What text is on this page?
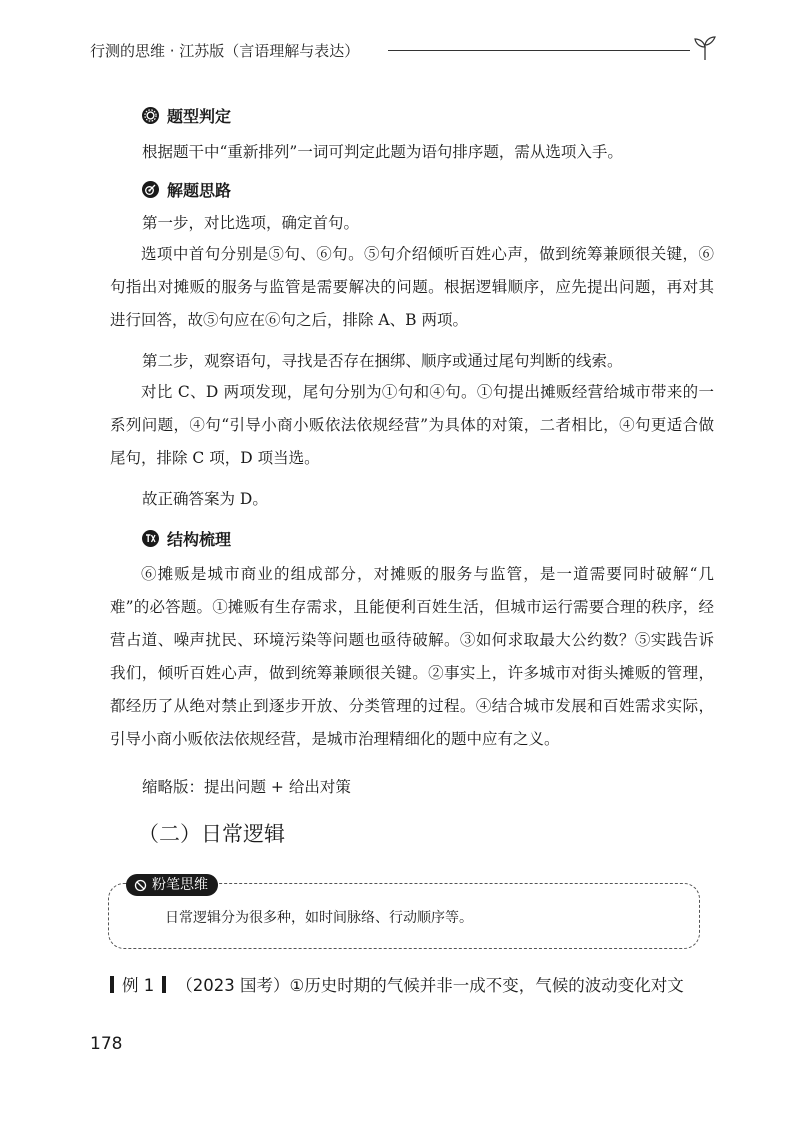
行测的思维 · 江苏版（言语理解与表达）
题型判定
根据题干中“重新排列”一词可判定此题为语句排序题，需从选项入手。
解题思路
第一步，对比选项，确定首句。
选项中首句分别是⑤句、⑥句。⑤句介绍倾听百姓心声，做到统筹兼顾很关键，⑥句指出对摊贩的服务与监管是需要解决的问题。根据逻辑顺序，应先提出问题，再对其进行回答，故⑤句应在⑥句之后，排除 A、B 两项。
第二步，观察语句，寻找是否存在捆绑、顺序或通过尾句判断的线索。
对比 C、D 两项发现，尾句分别为①句和④句。①句提出摊贩经营给城市带来的一系列问题，④句“引导小商小贩依法依规经营”为具体的对策，二者相比，④句更适合做尾句，排除 C 项，D 项当选。
故正确答案为 D。
结构梳理
⑥摊贩是城市商业的组成部分，对摊贩的服务与监管，是一道需要同时破解“几难”的必答题。①摊贩有生存需求，且能便利百姓生活，但城市运行需要合理的秩序，经营占道、噪声扰民、环境污染等问题也亟待破解。③如何求取最大公约数？⑤实践告诉我们，倾听百姓心声，做到统筹兼顾很关键。②事实上，许多城市对街头摊贩的管理，都经历了从绝对禁止到逐步开放、分类管理的过程。④结合城市发展和百姓需求实际，引导小商小贩依法依规经营，是城市治理精细化的题中应有之义。
缩略版：提出问题 + 给出对策
（二）日常逻辑
粉笔思维
日常逻辑分为很多种，如时间脉络、行动顺序等。
例 1 （2023 国考）①历史时期的气候并非一成不变，气候的波动变化对文
178
